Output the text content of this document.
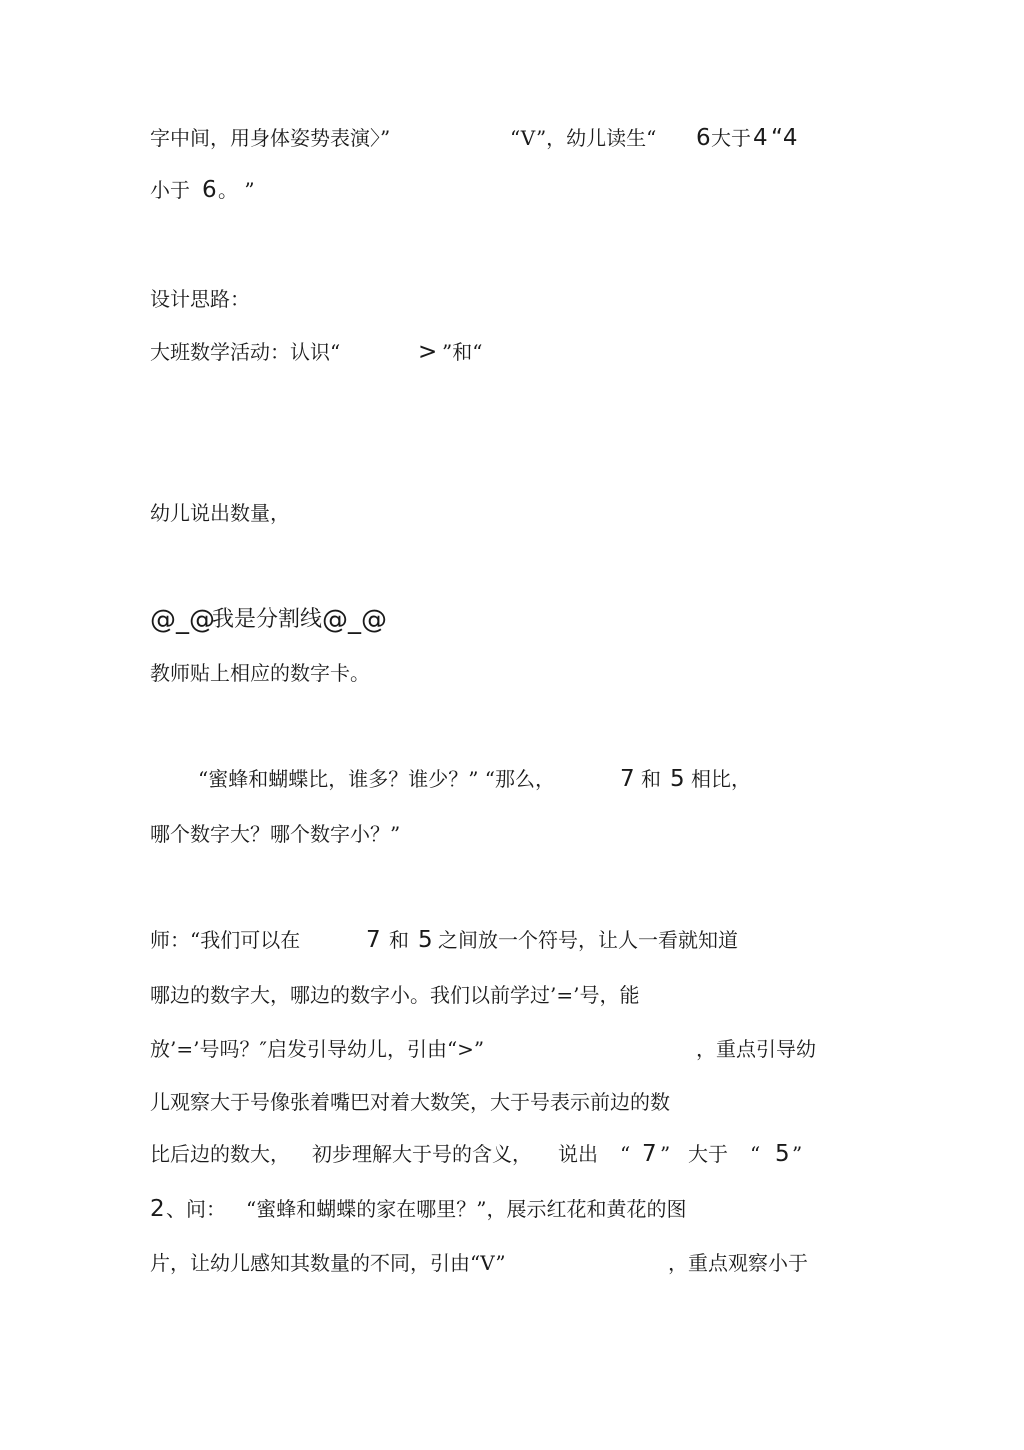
字中间，用身体姿势表演〉”	“V”，幼儿读生“ 6 大于 4 “4
小于 6 。 ”
设计思路：
大班数学活动：认识“	> ”和“
幼儿说出数量，
@_@
我是分割线 @_@
教师贴上相应的数字卡。
“蜜蜂和蝴蝶比，谁多？谁少？” “那么，	7 和 5 相比，
哪个数字大？哪个数字小？”
师：“我们可以在	7 和 5 之间放一个符号，让人一看就知道
哪边的数字大，哪边的数字小。我们以前学过’=’号，能
放’=’号吗？″启发引导幼儿，引由“>”	，重点引导幼
儿观察大于号像张着嘴巴对着大数笑，大于号表示前边的数
比后边的数大， 初步理解大于号的含义， 说出 “ 7 ” 大于 “ 5 ”
2 、问： “蜜蜂和蝴蝶的家在哪里？”，展示红花和黄花的图
片，让幼儿感知其数量的不同，引由“V”	，重点观察小于
